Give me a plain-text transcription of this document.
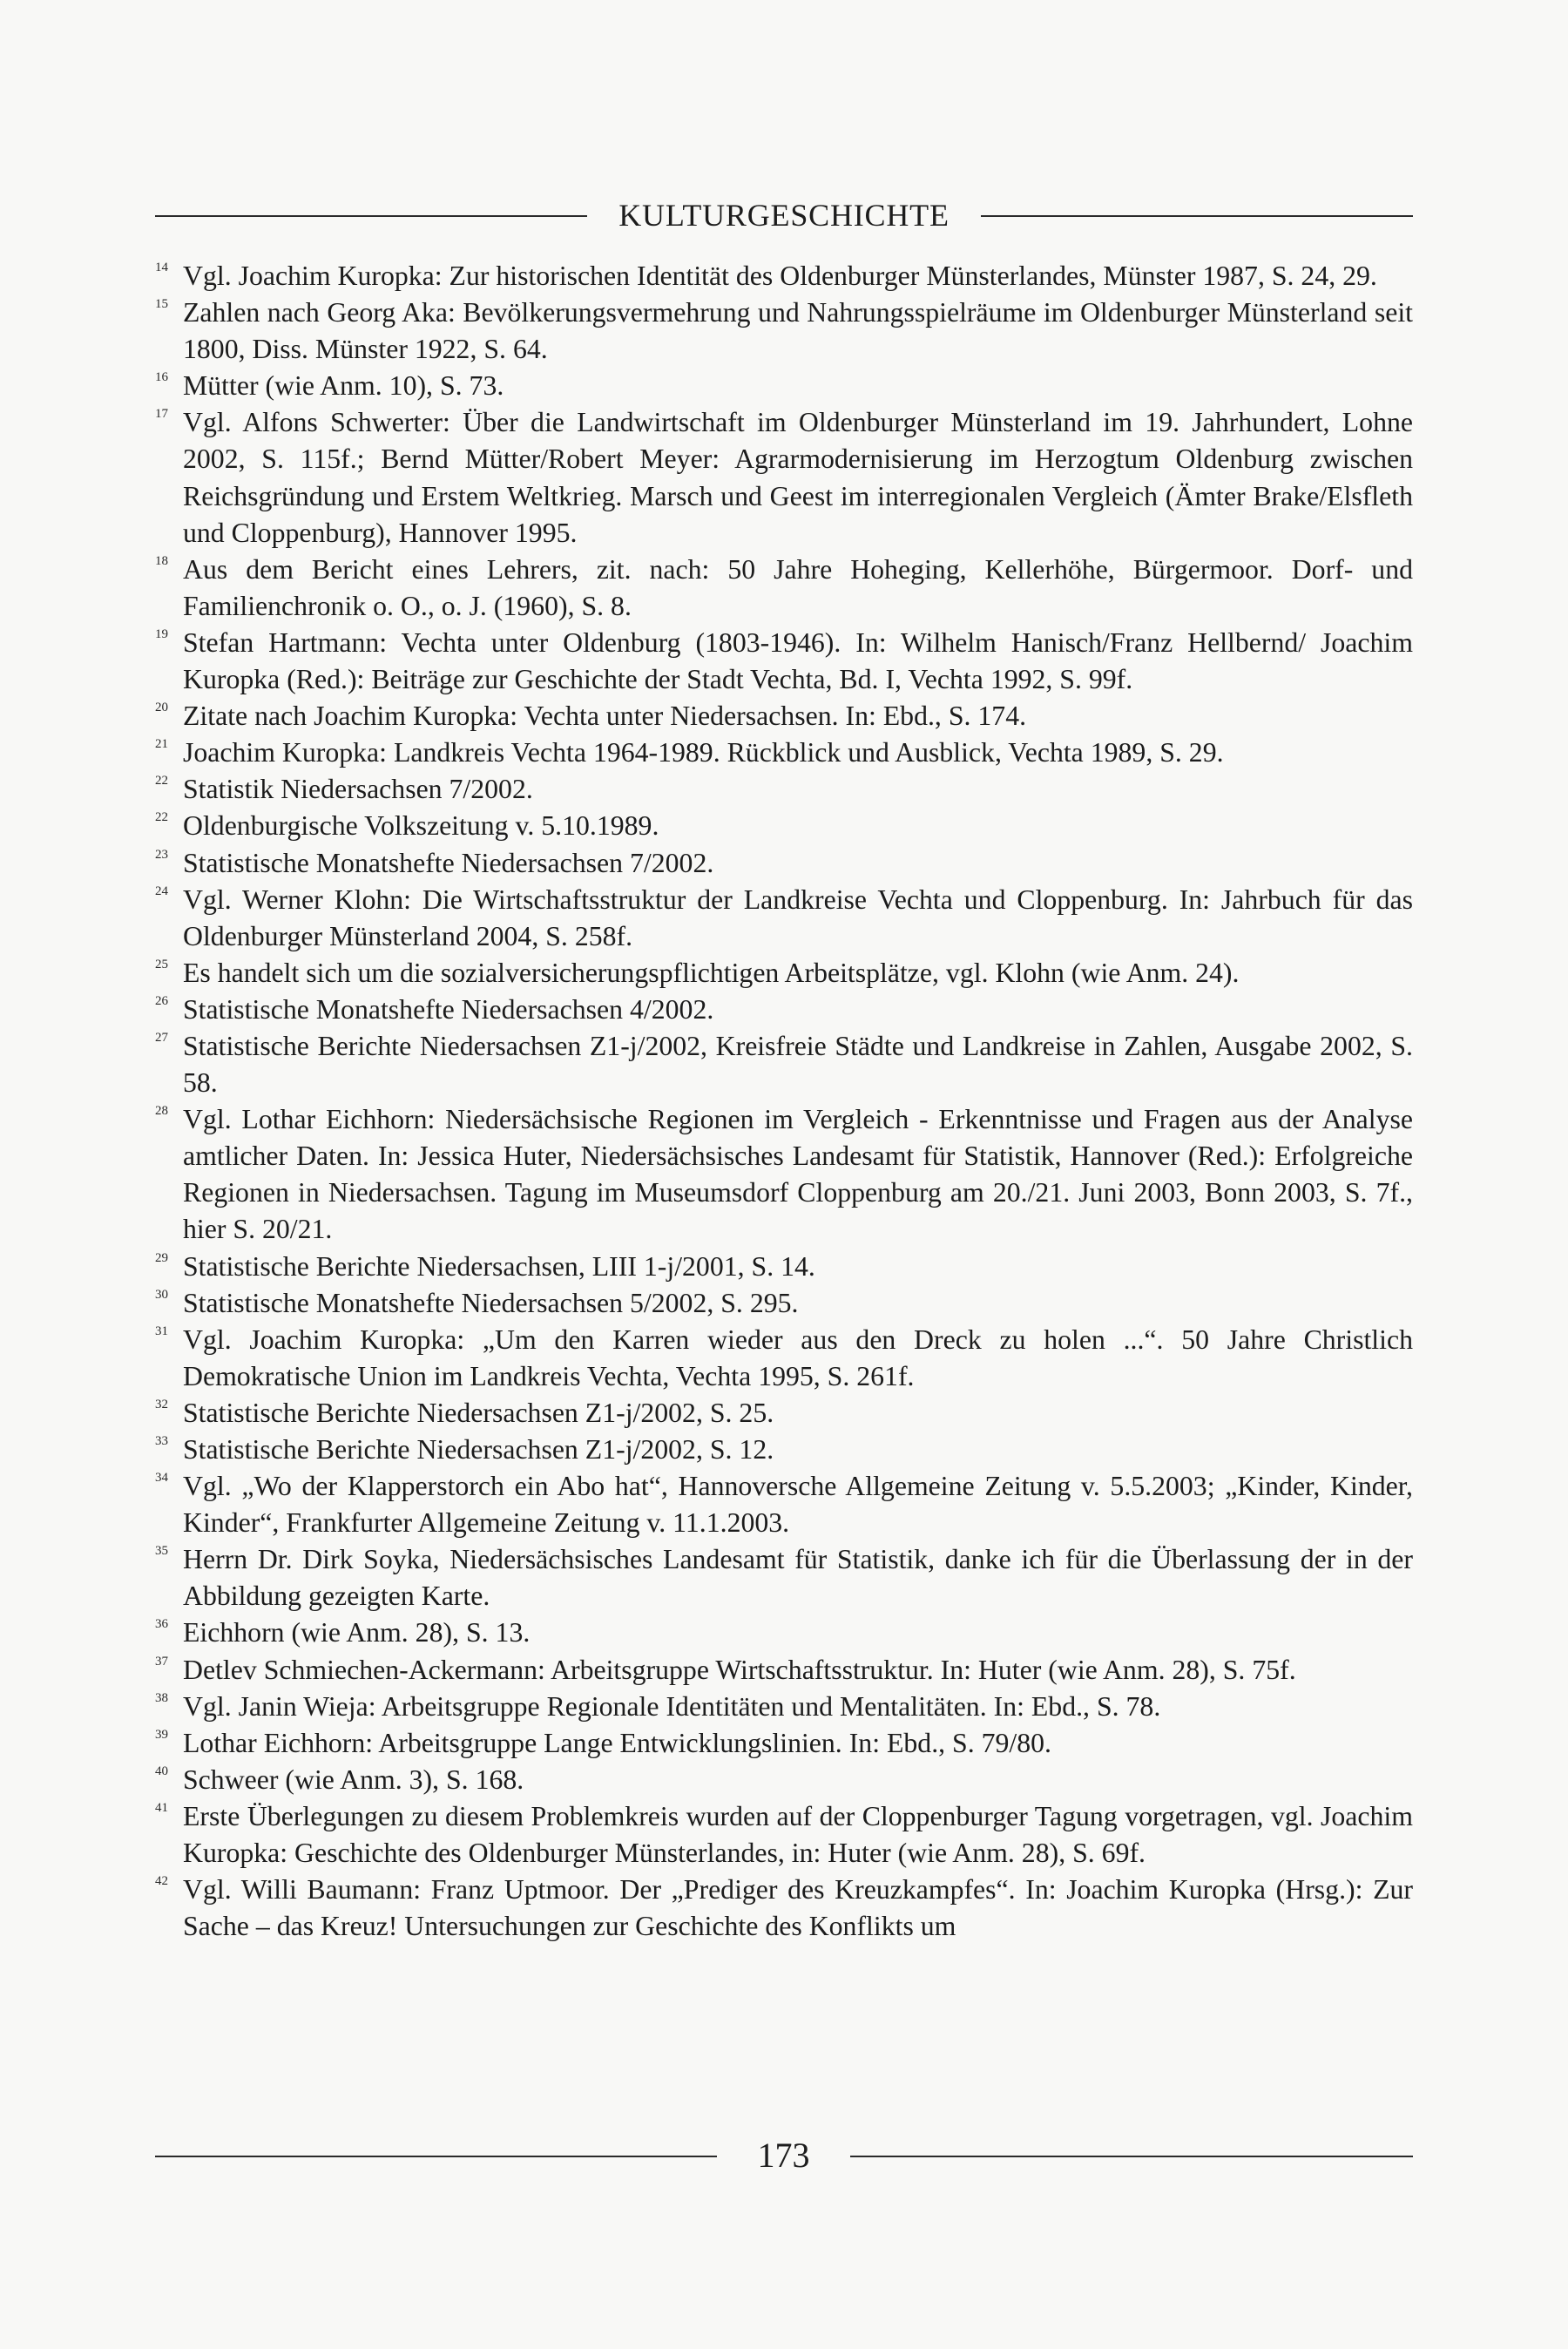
KULTURGESCHICHTE
14 Vgl. Joachim Kuropka: Zur historischen Identität des Oldenburger Münsterlandes, Münster 1987, S. 24, 29.
15 Zahlen nach Georg Aka: Bevölkerungsvermehrung und Nahrungsspielräume im Oldenburger Münsterland seit 1800, Diss. Münster 1922, S. 64.
16 Mütter (wie Anm. 10), S. 73.
17 Vgl. Alfons Schwerter: Über die Landwirtschaft im Oldenburger Münsterland im 19. Jahrhundert, Lohne 2002, S. 115f.; Bernd Mütter/Robert Meyer: Agrarmodernisierung im Herzogtum Oldenburg zwischen Reichsgründung und Erstem Weltkrieg. Marsch und Geest im interregionalen Vergleich (Ämter Brake/Elsfleth und Cloppenburg), Hannover 1995.
18 Aus dem Bericht eines Lehrers, zit. nach: 50 Jahre Hoheging, Kellerhöhe, Bürgermoor. Dorf- und Familienchronik o. O., o. J. (1960), S. 8.
19 Stefan Hartmann: Vechta unter Oldenburg (1803-1946). In: Wilhelm Hanisch/Franz Hellbernd/ Joachim Kuropka (Red.): Beiträge zur Geschichte der Stadt Vechta, Bd. I, Vechta 1992, S. 99f.
20 Zitate nach Joachim Kuropka: Vechta unter Niedersachsen. In: Ebd., S. 174.
21 Joachim Kuropka: Landkreis Vechta 1964-1989. Rückblick und Ausblick, Vechta 1989, S. 29.
22 Statistik Niedersachsen 7/2002.
22 Oldenburgische Volkszeitung v. 5.10.1989.
23 Statistische Monatshefte Niedersachsen 7/2002.
24 Vgl. Werner Klohn: Die Wirtschaftsstruktur der Landkreise Vechta und Cloppenburg. In: Jahrbuch für das Oldenburger Münsterland 2004, S. 258f.
25 Es handelt sich um die sozialversicherungspflichtigen Arbeitsplätze, vgl. Klohn (wie Anm. 24).
26 Statistische Monatshefte Niedersachsen 4/2002.
27 Statistische Berichte Niedersachsen Z1-j/2002, Kreisfreie Städte und Landkreise in Zahlen, Ausgabe 2002, S. 58.
28 Vgl. Lothar Eichhorn: Niedersächsische Regionen im Vergleich - Erkenntnisse und Fragen aus der Analyse amtlicher Daten. In: Jessica Huter, Niedersächsisches Landesamt für Statistik, Hannover (Red.): Erfolgreiche Regionen in Niedersachsen. Tagung im Museumsdorf Cloppenburg am 20./21. Juni 2003, Bonn 2003, S. 7f., hier S. 20/21.
29 Statistische Berichte Niedersachsen, LIII 1-j/2001, S. 14.
30 Statistische Monatshefte Niedersachsen 5/2002, S. 295.
31 Vgl. Joachim Kuropka: „Um den Karren wieder aus den Dreck zu holen ...“. 50 Jahre Christlich Demokratische Union im Landkreis Vechta, Vechta 1995, S. 261f.
32 Statistische Berichte Niedersachsen Z1-j/2002, S. 25.
33 Statistische Berichte Niedersachsen Z1-j/2002, S. 12.
34 Vgl. „Wo der Klapperstorch ein Abo hat“, Hannoversche Allgemeine Zeitung v. 5.5.2003; „Kinder, Kinder, Kinder“, Frankfurter Allgemeine Zeitung v. 11.1.2003.
35 Herrn Dr. Dirk Soyka, Niedersächsisches Landesamt für Statistik, danke ich für die Überlassung der in der Abbildung gezeigten Karte.
36 Eichhorn (wie Anm. 28), S. 13.
37 Detlev Schmiechen-Ackermann: Arbeitsgruppe Wirtschaftsstruktur. In: Huter (wie Anm. 28), S. 75f.
38 Vgl. Janin Wieja: Arbeitsgruppe Regionale Identitäten und Mentalitäten. In: Ebd., S. 78.
39 Lothar Eichhorn: Arbeitsgruppe Lange Entwicklungslinien. In: Ebd., S. 79/80.
40 Schweer (wie Anm. 3), S. 168.
41 Erste Überlegungen zu diesem Problemkreis wurden auf der Cloppenburger Tagung vorgetragen, vgl. Joachim Kuropka: Geschichte des Oldenburger Münsterlandes, in: Huter (wie Anm. 28), S. 69f.
42 Vgl. Willi Baumann: Franz Uptmoor. Der „Prediger des Kreuzkampfes“. In: Joachim Kuropka (Hrsg.): Zur Sache – das Kreuz! Untersuchungen zur Geschichte des Konflikts um
173
